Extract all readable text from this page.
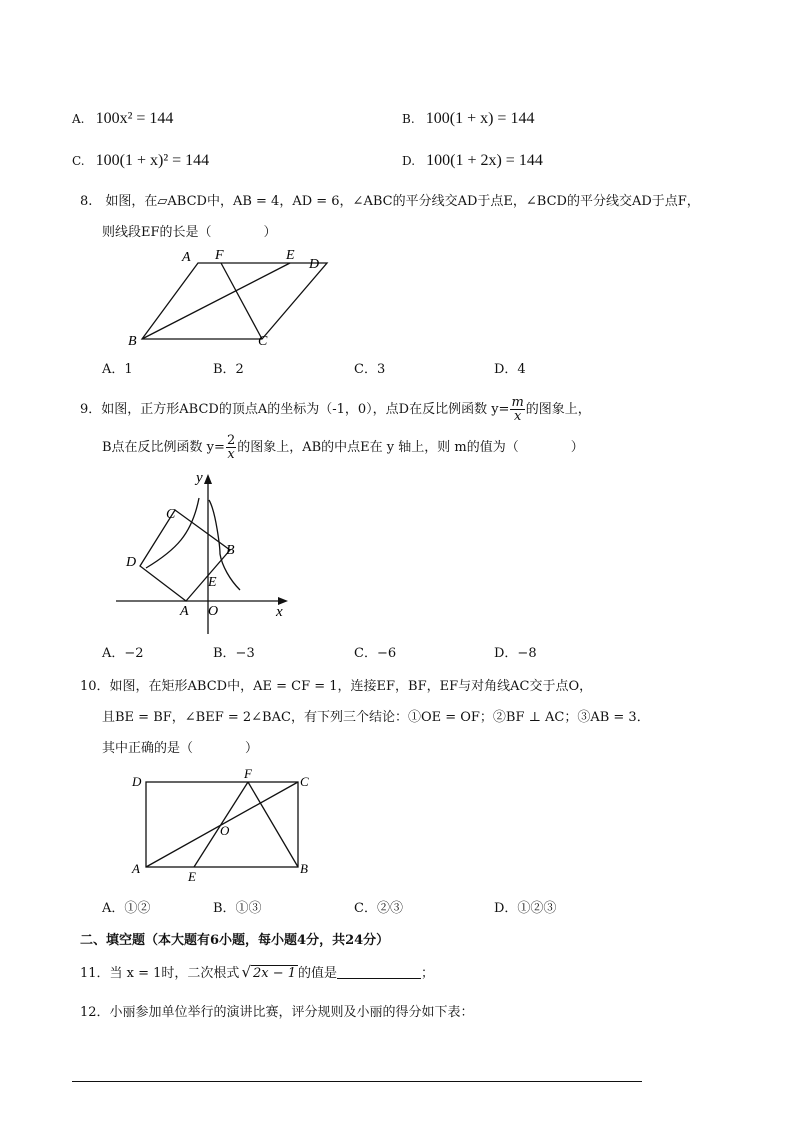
A. 100x² = 144	B. 100(1 + x) = 144
C. 100(1 + x)² = 144	D. 100(1 + 2x) = 144
8.　如图，在▱ABCD中，AB = 4，AD = 6，∠ABC的平分线交AD于点E，∠BCD的平分线交AD于点F，
则线段EF的长是（　　　　）
A F	E
D
B	C
A．1	B．2	C．3	D．4
9．如图，正方形ABCD的顶点A的坐标为（-1，0），点D在反比例函数 $y= \frac{m}{x}$ 的图象上，
B点在反比例函数 $y= \frac{2}{x}$ 的图象上，AB的中点E在 y 轴上，则 m的值为（　　　　）
y
x
O
A
B
C
D
E
A．−2	B．−3	C．−6	D．−8
10．如图，在矩形ABCD中，AE = CF = 1，连接EF，BF，EF与对角线AC交于点O，
且BE = BF，∠BEF = 2∠BAC，有下列三个结论：①OE = OF；②BF ⊥ AC；③AB = 3．
其中正确的是（　　　　）
D
F
C
O
A
E
B
A．①②	B．①③	C．②③	D．①②③
二、填空题（本大题有6小题，每小题4分，共24分）
11．当 x = 1时，二次根式 √ 2x − 1 的值是	；
12．小丽参加单位举行的演讲比赛，评分规则及小丽的得分如下表：
